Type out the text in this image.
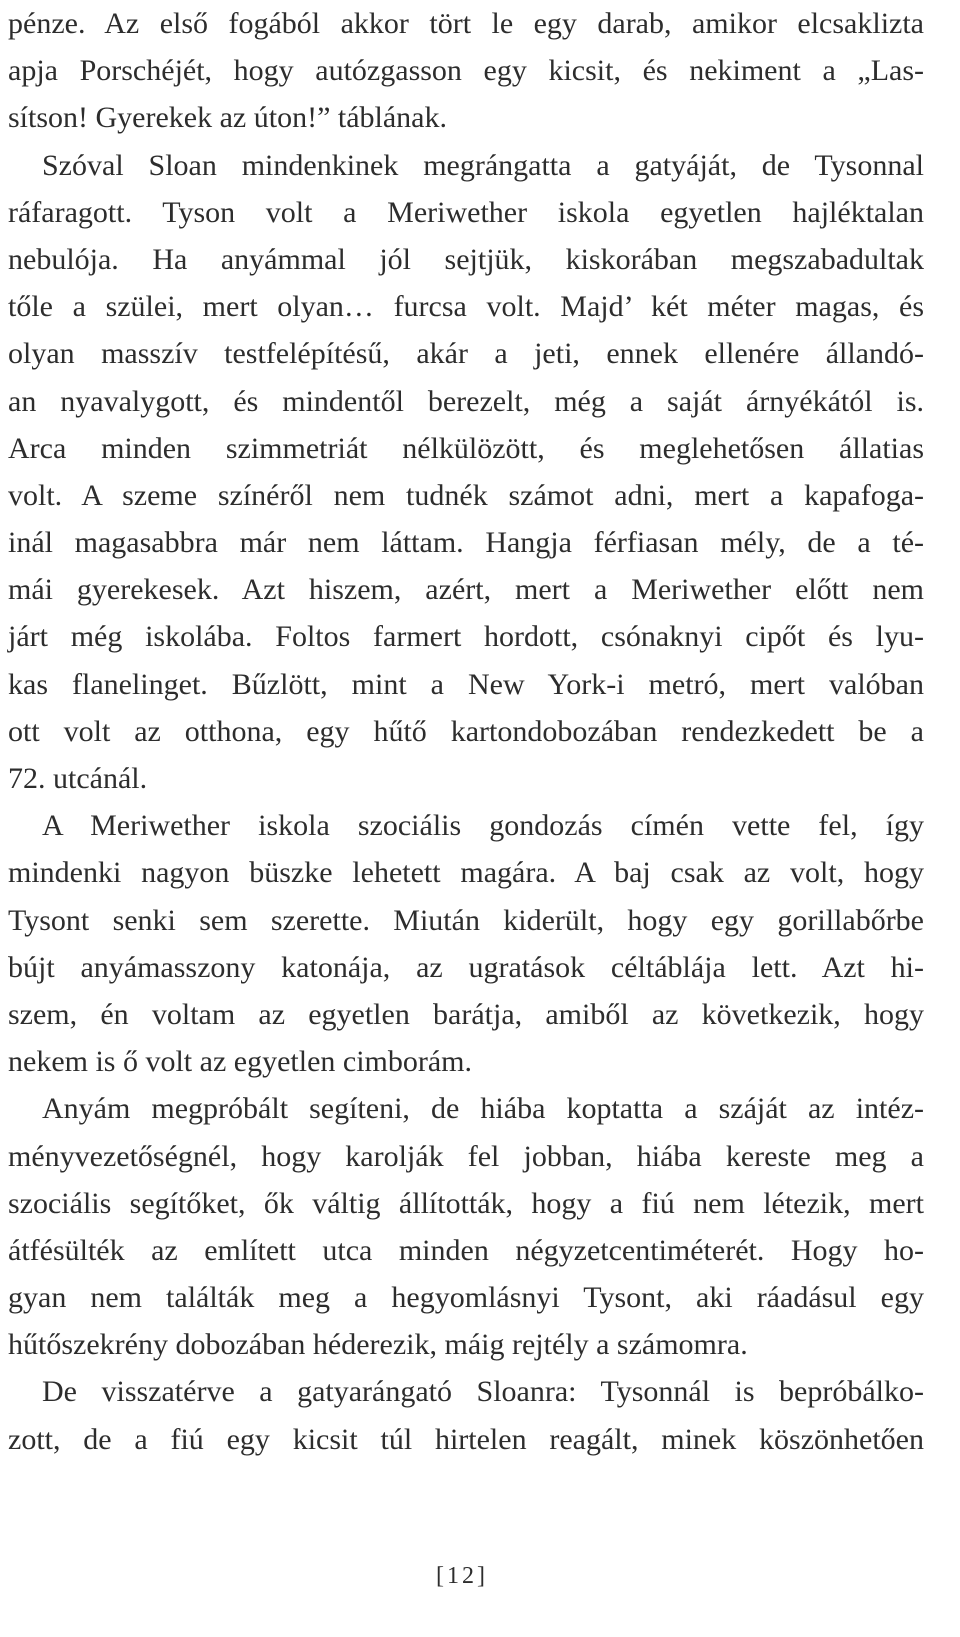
pénze. Az első fogából akkor tört le egy darab, amikor elcsaklizta
apja Porschéjét, hogy autózgasson egy kicsit, és nekiment a „Las-
sítson! Gyerekek az úton!” táblának.
Szóval Sloan mindenkinek megrángatta a gatyáját, de Tysonnal
ráfaragott. Tyson volt a Meriwether iskola egyetlen hajléktalan
nebulója. Ha anyámmal jól sejtjük, kiskorában megszabadultak
tőle a szülei, mert olyan… furcsa volt. Majd’ két méter magas, és
olyan masszív testfelépítésű, akár a jeti, ennek ellenére állandó-
an nyavalygott, és mindentől berezelt, még a saját árnyékától is.
Arca minden szimmetriát nélkülözött, és meglehetősen állatias
volt. A szeme színéről nem tudnék számot adni, mert a kapafoga-
inál magasabbra már nem láttam. Hangja férfiasan mély, de a té-
mái gyerekesek. Azt hiszem, azért, mert a Meriwether előtt nem
járt még iskolába. Foltos farmert hordott, csónaknyi cipőt és lyu-
kas flanelinget. Bűzlött, mint a New York-i metró, mert valóban
ott volt az otthona, egy hűtő kartondobozában rendezkedett be a
72. utcánál.
A Meriwether iskola szociális gondozás címén vette fel, így
mindenki nagyon büszke lehetett magára. A baj csak az volt, hogy
Tysont senki sem szerette. Miután kiderült, hogy egy gorillabőrbe
bújt anyámasszony katonája, az ugratások céltáblája lett. Azt hi-
szem, én voltam az egyetlen barátja, amiből az következik, hogy
nekem is ő volt az egyetlen cimborám.
Anyám megpróbált segíteni, de hiába koptatta a száját az intéz-
ményvezetőségnél, hogy karolják fel jobban, hiába kereste meg a
szociális segítőket, ők váltig állították, hogy a fiú nem létezik, mert
átfésülték az említett utca minden négyzetcentiméterét. Hogy ho-
gyan nem találták meg a hegyomlásnyi Tysont, aki ráadásul egy
hűtőszekrény dobozában héderezik, máig rejtély a számomra.
De visszatérve a gatyarángató Sloanra: Tysonnál is bepróbálko-
zott, de a fiú egy kicsit túl hirtelen reagált, minek köszönhetően
[12]
